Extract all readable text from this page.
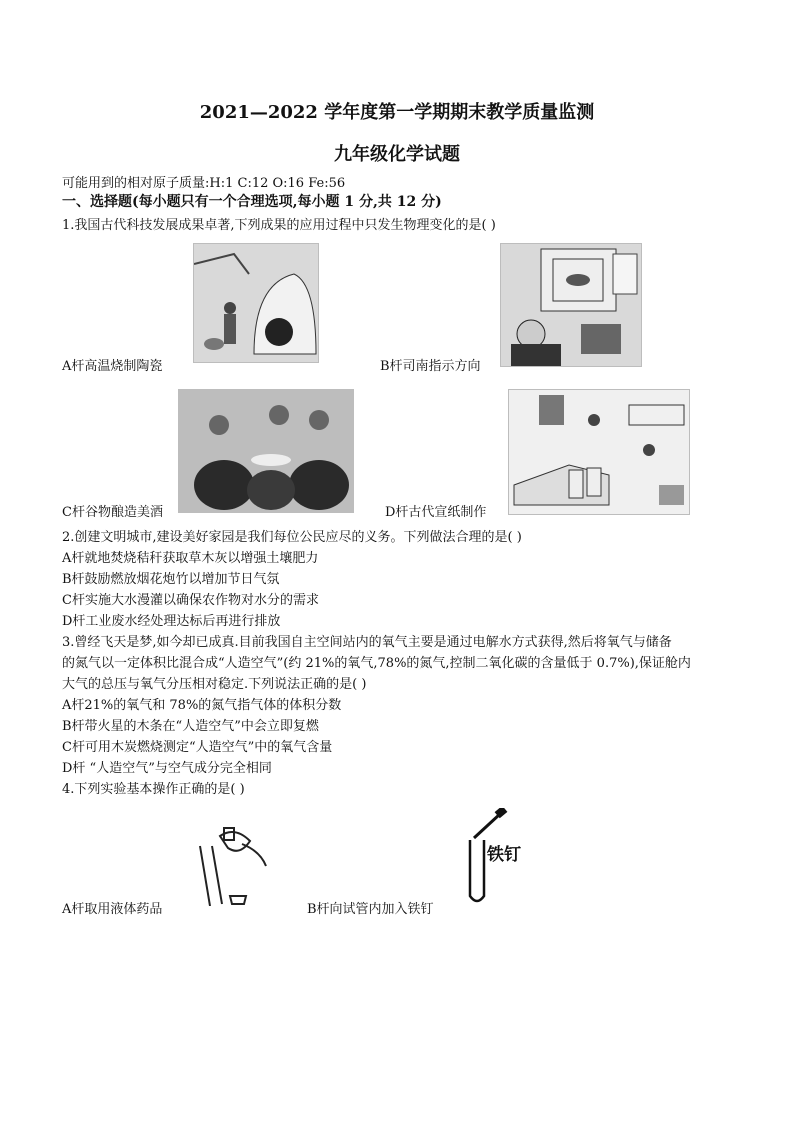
2021—2022 学年度第一学期期末教学质量监测
九年级化学试题
可能用到的相对原子质量:H:1 C:12 O:16 Fe:56
一、选择题(每小题只有一个合理选项,每小题 1 分,共 12 分)
1.我国古代科技发展成果卓著,下列成果的应用过程中只发生物理变化的是( )
A杆高温烧制陶瓷	B杆司南指示方向
C杆谷物酿造美酒	D杆古代宣纸制作
2.创建文明城市,建设美好家园是我们每位公民应尽的义务。下列做法合理的是( )
A杆就地焚烧秸秆获取草木灰以增强土壤肥力
B杆鼓励燃放烟花炮竹以增加节日气氛
C杆实施大水漫灌以确保农作物对水分的需求
D杆工业废水经处理达标后再进行排放
3.曾经飞天是梦,如今却已成真.目前我国自主空间站内的氧气主要是通过电解水方式获得,然后将氧气与储备
的氮气以一定体积比混合成“人造空气”(约 21%的氧气,78%的氮气,控制二氧化碳的含量低于 0.7%),保证舱内
大气的总压与氧气分压相对稳定.下列说法正确的是( )
A杆21%的氧气和 78%的氮气指气体的体积分数
B杆带火星的木条在“人造空气”中会立即复燃
C杆可用木炭燃烧测定“人造空气”中的氧气含量
D杆 “人造空气”与空气成分完全相同
4.下列实验基本操作正确的是( )
A杆取用液体药品
铁钉
B杆向试管内加入铁钉
